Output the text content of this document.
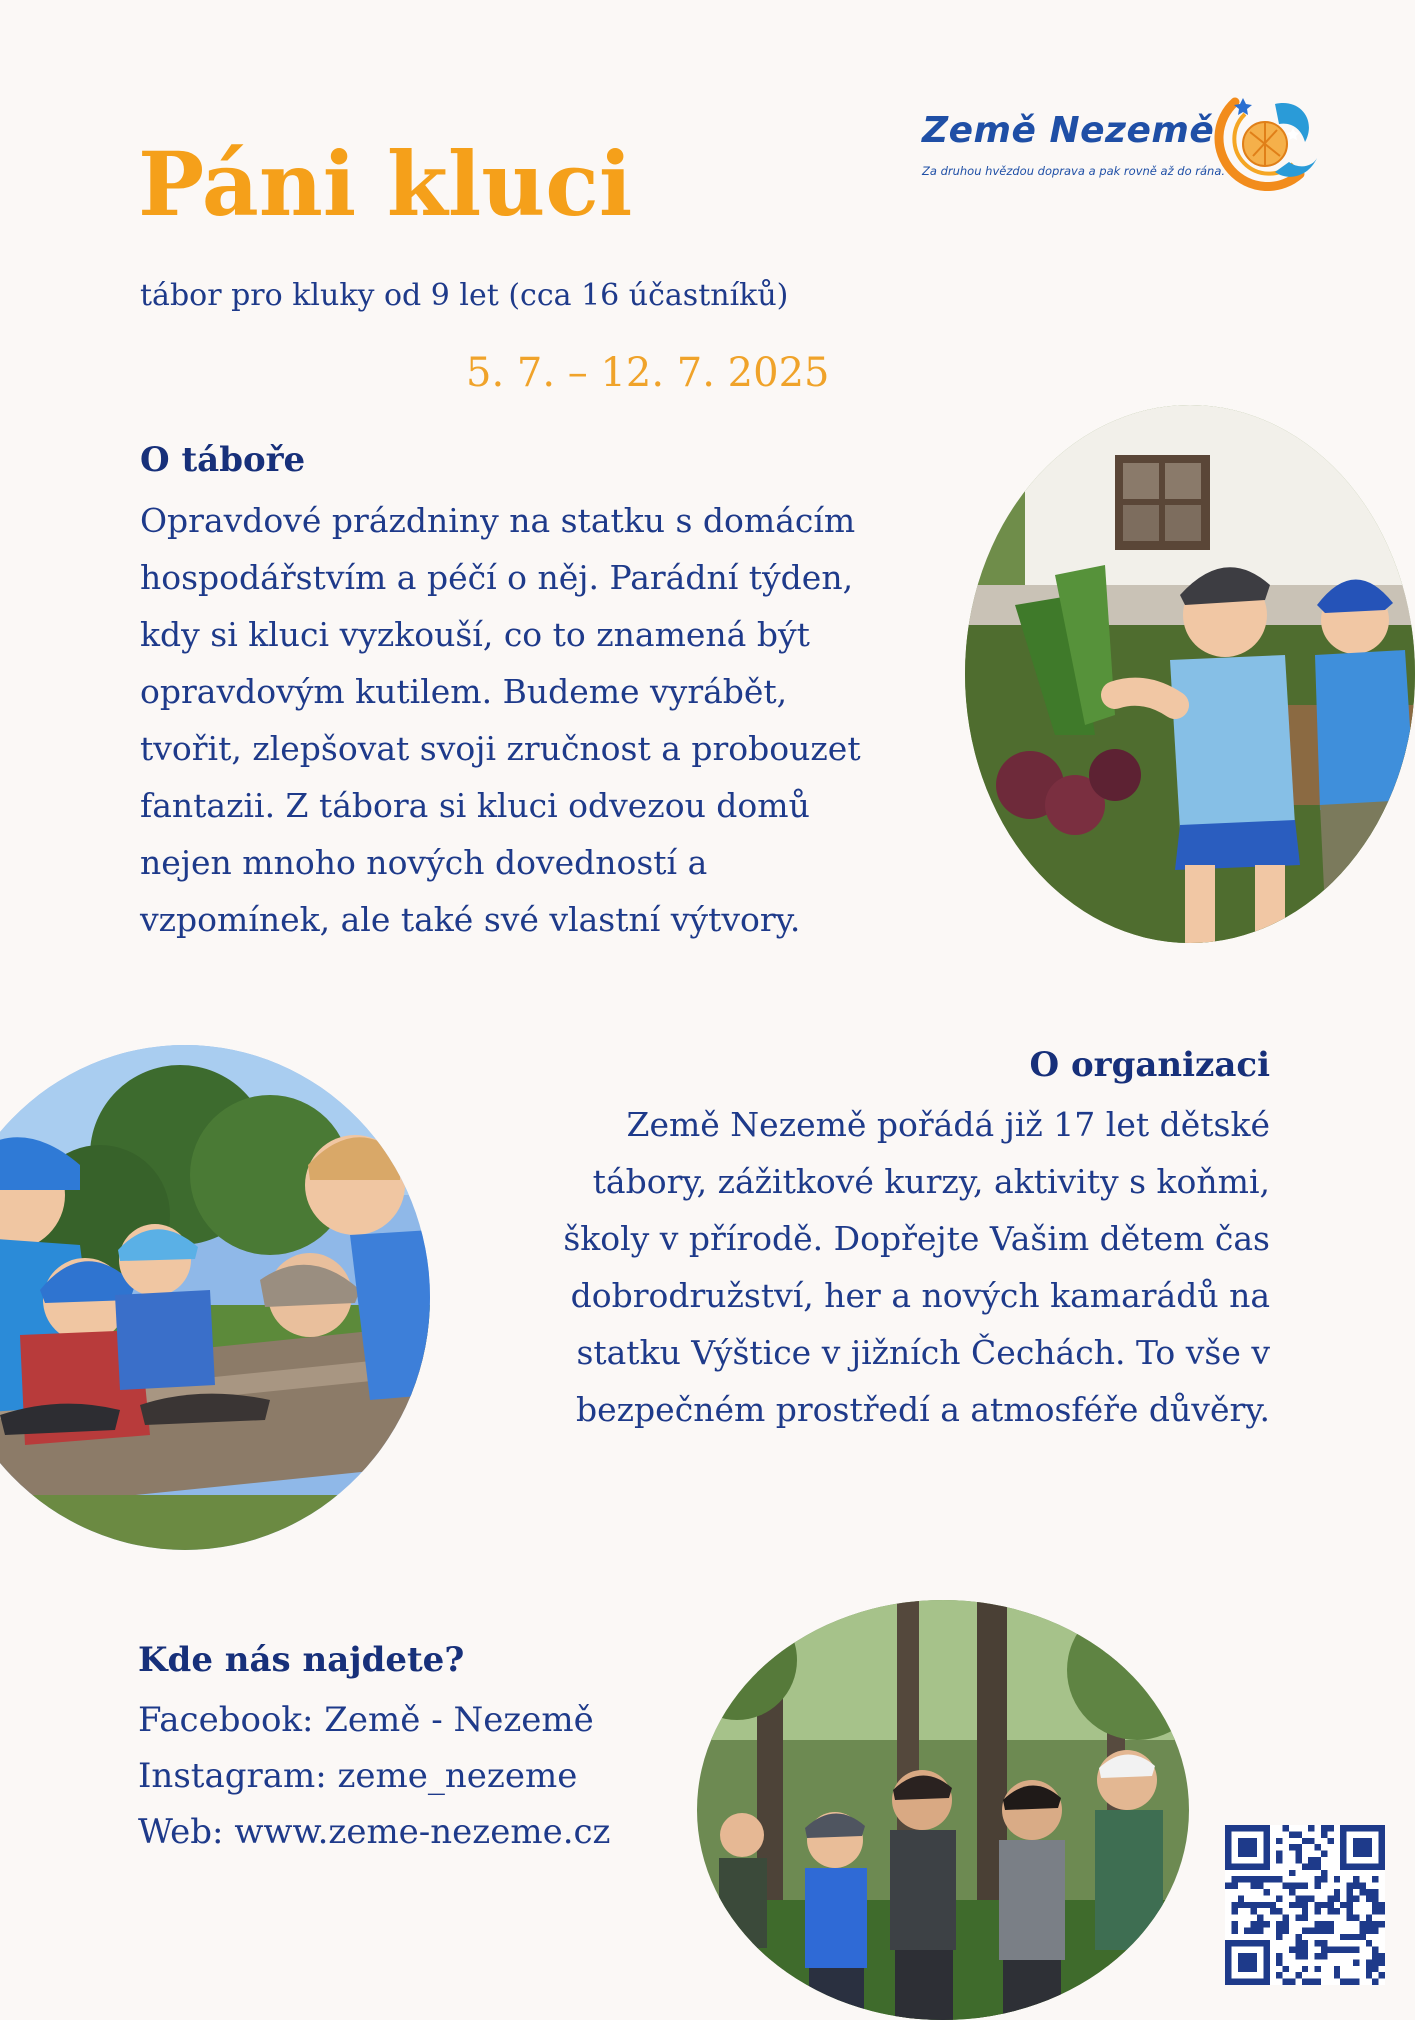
Země Nezemě
Za druhou hvězdou doprava a pak rovně až do rána.
Páni kluci
tábor pro kluky od 9 let (cca 16 účastníků)
5. 7. – 12. 7. 2025
O táboře

Opravdové prázdniny na statku s domácím
hospodářstvím a péčí o něj. Parádní týden,
kdy si kluci vyzkouší, co to znamená být
opravdovým kutilem. Budeme vyrábět,
tvořit, zlepšovat svoji zručnost a probouzet
fantazii. Z tábora si kluci odvezou domů
nejen mnoho nových dovedností a
vzpomínek, ale také své vlastní výtvory.

O organizaci

Země Nezemě pořádá již 17 let dětské
tábory, zážitkové kurzy, aktivity s koňmi,
školy v přírodě. Dopřejte Vašim dětem čas
dobrodružství, her a nových kamarádů na
statku Výštice v jižních Čechách. To vše v
bezpečném prostředí a atmosféře důvěry.

Kde nás najdete?
Facebook: Země - Nezemě
Instagram: zeme_nezeme
Web: www.zeme-nezeme.cz
